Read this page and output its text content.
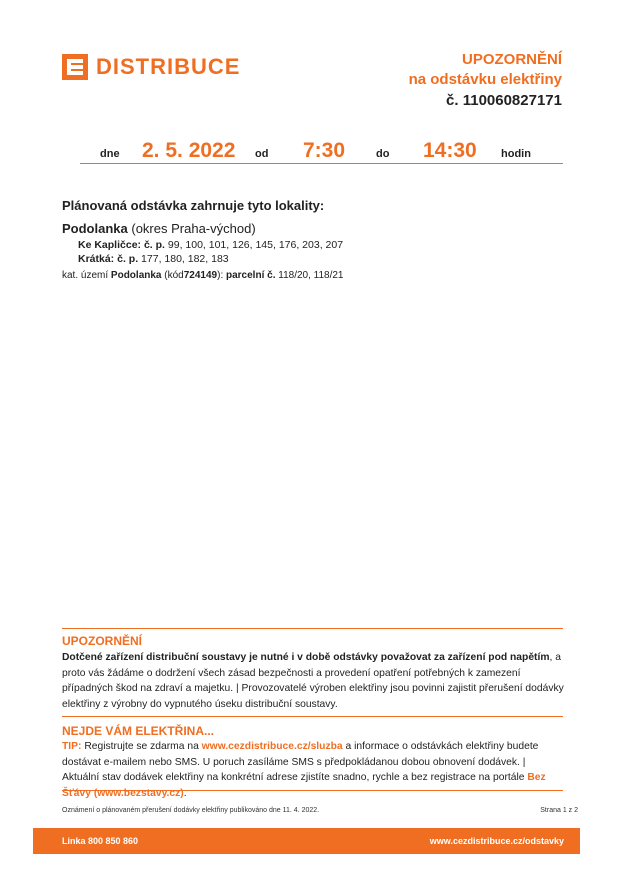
DISTRIBUCE	UPOZORNĚNÍ
na odstávku elektřiny
č. 110060827171
dne 2. 5. 2022 od 7:30	do 14:30 hodin
Plánovaná odstávka zahrnuje tyto lokality:
Podolanka (okres Praha-východ)
Ke Kapličce: č. p. 99, 100, 101, 126, 145, 176, 203, 207
Krátká: č. p. 177, 180, 182, 183
kat. území Podolanka (kód724149): parcelní č. 118/20, 118/21
UPOZORNĚNÍ
Dotčené zařízení distribuční soustavy je nutné i v době odstávky považovat za zařízení pod napětím, a proto vás žádáme o dodržení všech zásad bezpečnosti a provedení opatření potřebných k zamezení případných škod na zdraví a majetku. | Provozovatelé výroben elektřiny jsou povinni zajistit přerušení dodávky elektřiny z výrobny do vypnutého úseku distribuční soustavy.
NEJDE VÁM ELEKTŘINA...
TIP: Registrujte se zdarma na www.cezdistribuce.cz/sluzba a informace o odstávkách elektřiny budete dostávat e-mailem nebo SMS. U poruch zasíláme SMS s předpokládanou dobou obnovení dodávek. | Aktuální stav dodávek elektřiny na konkrétní adrese zjistíte snadno, rychle a bez registrace na portále Bez Šťávy (www.bezstavy.cz).
Oznámení o plánovaném přerušení dodávky elektřiny publikováno dne 11. 4. 2022.	Strana 1 z 2
Linka 800 850 860	www.cezdistribuce.cz/odstavky
